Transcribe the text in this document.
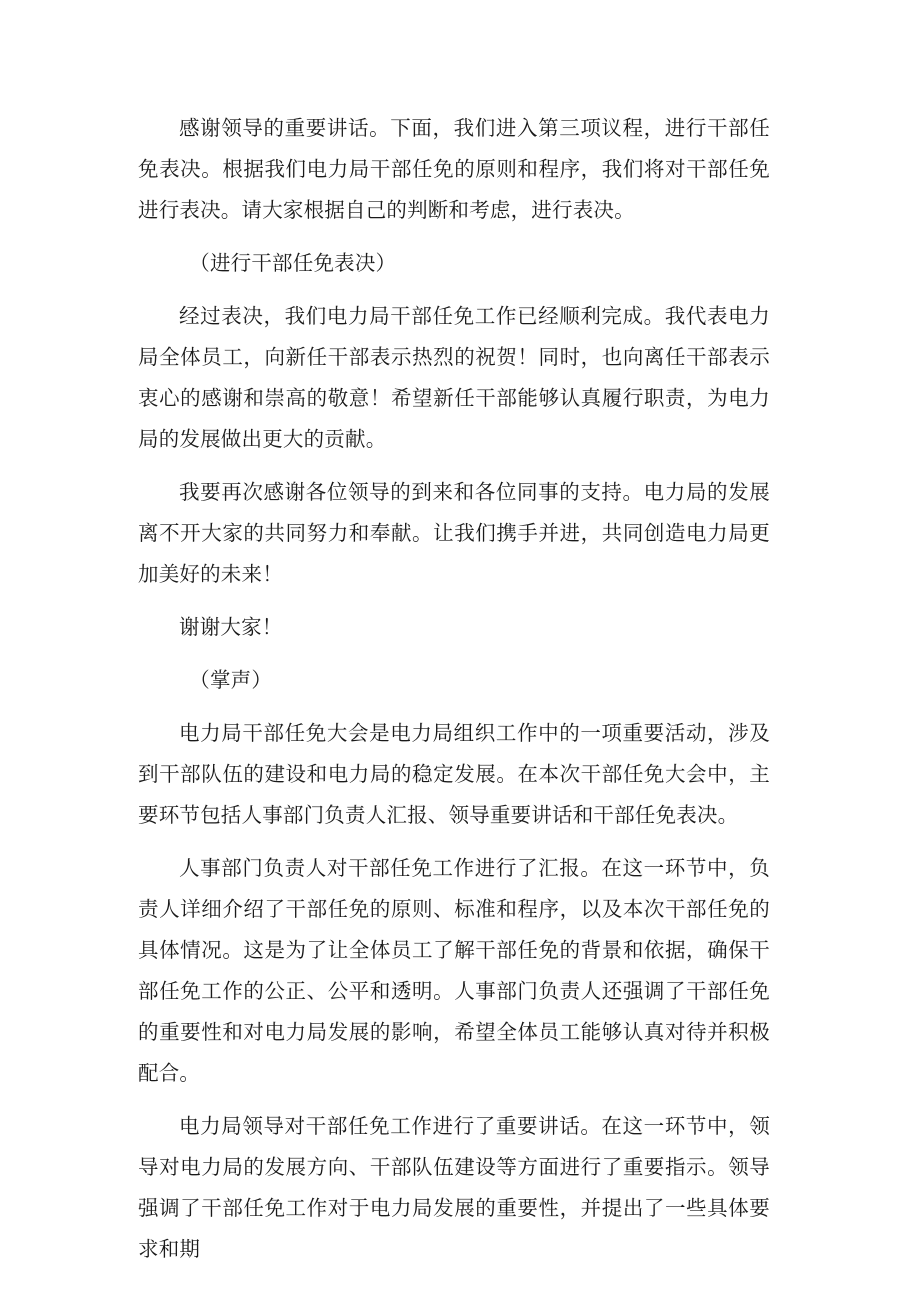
感谢领导的重要讲话。下面，我们进入第三项议程，进行干部任免表决。根据我们电力局干部任免的原则和程序，我们将对干部任免进行表决。请大家根据自己的判断和考虑，进行表决。

（进行干部任免表决）

经过表决，我们电力局干部任免工作已经顺利完成。我代表电力局全体员工，向新任干部表示热烈的祝贺！同时，也向离任干部表示衷心的感谢和崇高的敬意！希望新任干部能够认真履行职责，为电力局的发展做出更大的贡献。

我要再次感谢各位领导的到来和各位同事的支持。电力局的发展离不开大家的共同努力和奉献。让我们携手并进，共同创造电力局更加美好的未来！

谢谢大家！

（掌声）

电力局干部任免大会是电力局组织工作中的一项重要活动，涉及到干部队伍的建设和电力局的稳定发展。在本次干部任免大会中，主要环节包括人事部门负责人汇报、领导重要讲话和干部任免表决。

人事部门负责人对干部任免工作进行了汇报。在这一环节中，负责人详细介绍了干部任免的原则、标准和程序，以及本次干部任免的具体情况。这是为了让全体员工了解干部任免的背景和依据，确保干部任免工作的公正、公平和透明。人事部门负责人还强调了干部任免的重要性和对电力局发展的影响，希望全体员工能够认真对待并积极配合。

电力局领导对干部任免工作进行了重要讲话。在这一环节中，领导对电力局的发展方向、干部队伍建设等方面进行了重要指示。领导强调了干部任免工作对于电力局发展的重要性，并提出了一些具体要求和期
